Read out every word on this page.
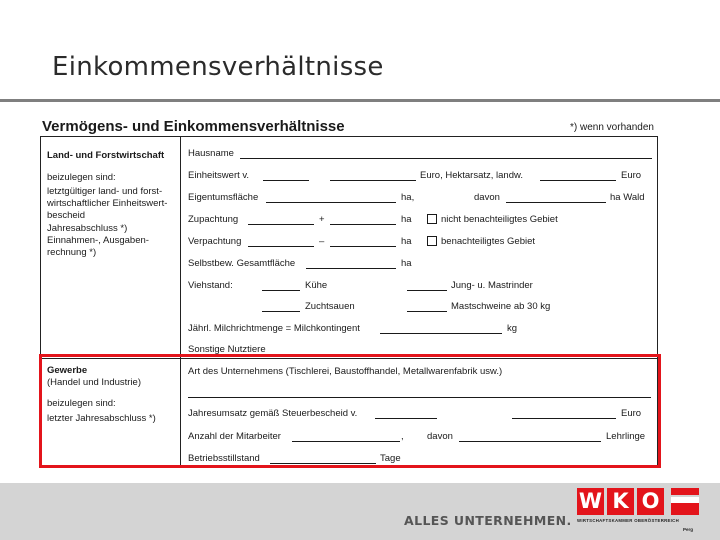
Einkommensverhältnisse
Vermögens- und Einkommensverhältnisse	*) wenn vorhanden
Land- und Forstwirtschaft
beizulegen sind:
letztgültiger land- und forst-
wirtschaftlicher Einheitswert-
bescheid
Jahresabschluss *)
Einnahmen-, Ausgaben-
rechnung *)
Hausname
Einheitswert v.	Euro, Hektarsatz, landw.	Euro
Eigentumsfläche	ha,	davon	ha Wald
Zupachtung	+	ha	nicht benachteiligtes Gebiet
Verpachtung	–	ha	benachteiligtes Gebiet
Selbstbew. Gesamtfläche	ha
Viehstand:	Kühe	Jung- u. Mastrinder
Zuchtsauen	Mastschweine ab 30 kg
Jährl. Milchrichtmenge = Milchkontingent	kg
Sonstige Nutztiere
Gewerbe
(Handel und Industrie)
beizulegen sind:
letzter Jahresabschluss *)
Art des Unternehmens (Tischlerei, Baustoffhandel, Metallwarenfabrik usw.)
Jahresumsatz gemäß Steuerbescheid v.	Euro
Anzahl der Mitarbeiter	, davon	Lehrlinge
Betriebsstillstand	Tage
ALLES UNTERNEHMEN.
W K O
WIRTSCHAFTSKAMMER OBERÖSTERREICH
Perg
